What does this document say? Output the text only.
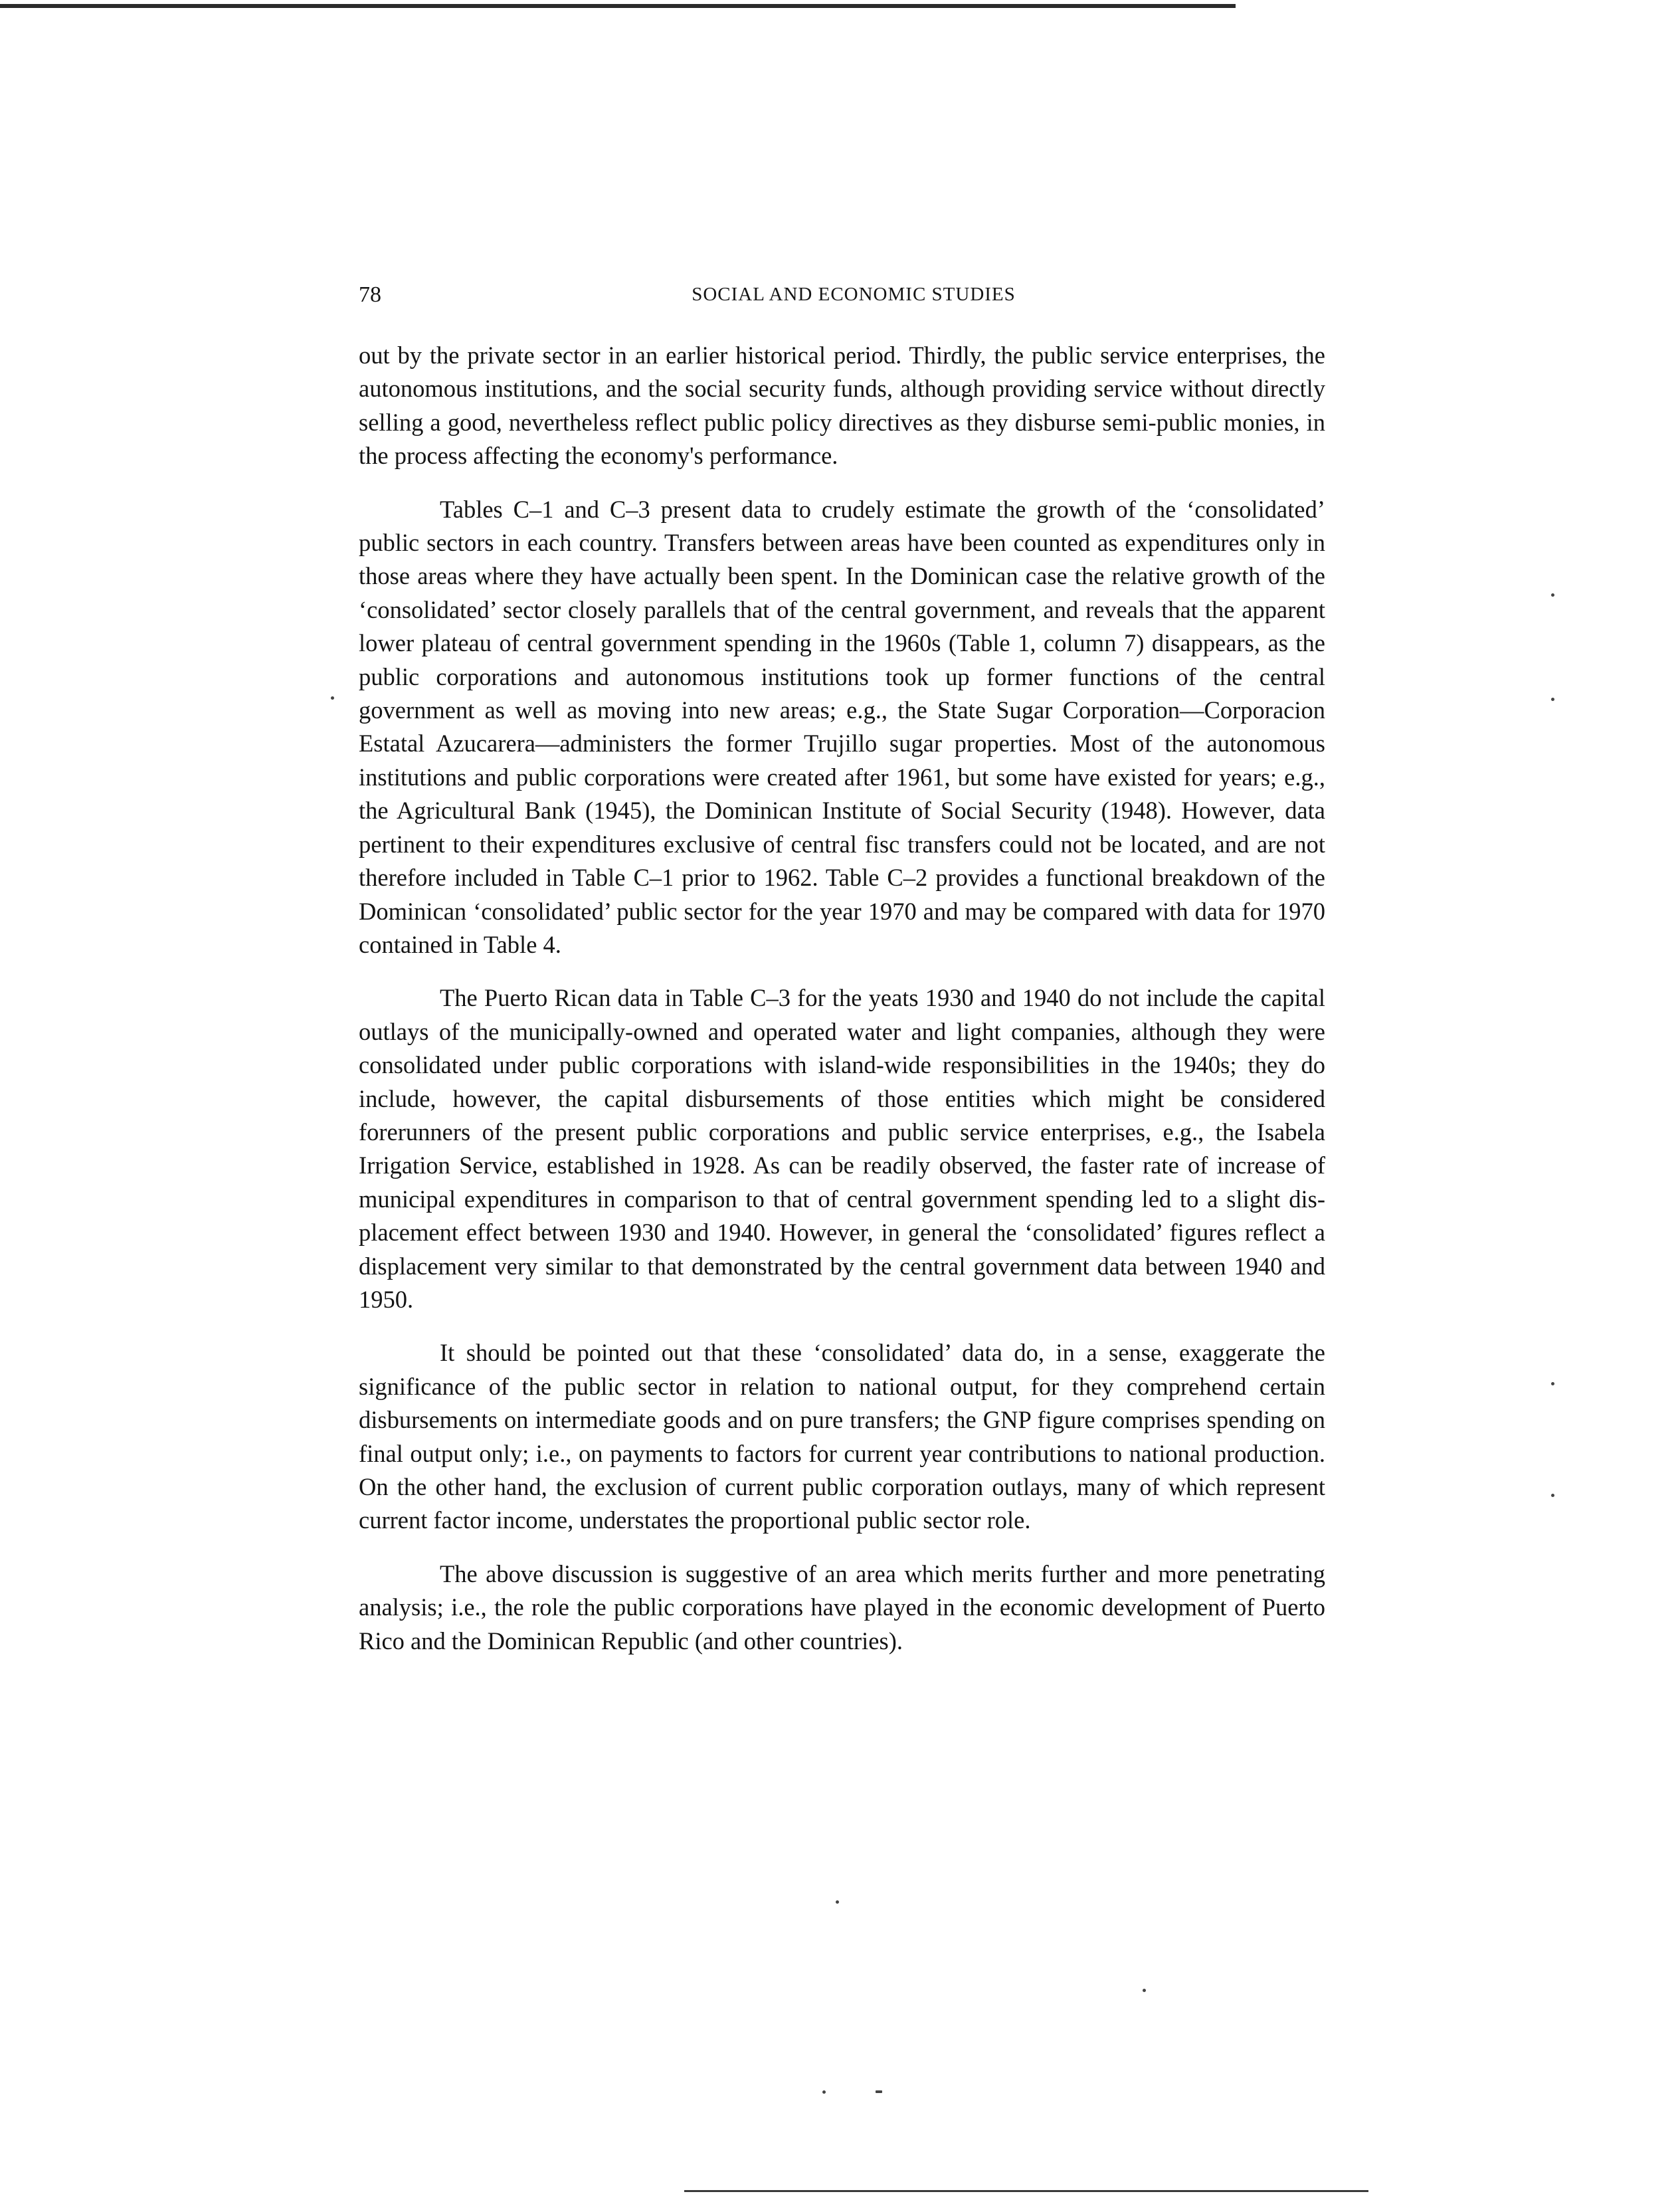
78	SOCIAL AND ECONOMIC STUDIES

out by the private sector in an earlier historical period. Thirdly, the public service enterprises, the autonomous institutions, and the social security funds, although providing service without directly selling a good, nevertheless reflect public policy directives as they disburse semi-public monies, in the process affecting the economy's performance.

Tables C–1 and C–3 present data to crudely estimate the growth of the ‘consolidated’ public sectors in each country. Transfers between areas have been counted as expenditures only in those areas where they have actually been spent. In the Dominican case the relative growth of the ‘consolidated’ sector closely parallels that of the central government, and reveals that the apparent lower plateau of central government spending in the 1960s (Table 1, column 7) disappears, as the public corporations and autonomous institutions took up former functions of the central government as well as moving into new areas; e.g., the State Sugar Corporation—Corporacion Estatal Azucarera—administers the former Trujillo sugar properties. Most of the autonomous institutions and public corporations were created after 1961, but some have existed for years; e.g., the Agricultural Bank (1945), the Dominican Institute of Social Security (1948). However, data pertinent to their expenditures exclusive of central fisc transfers could not be located, and are not therefore included in Table C–1 prior to 1962. Table C–2 provides a functional breakdown of the Dominican ‘consolidated’ public sector for the year 1970 and may be compared with data for 1970 contained in Table 4.

The Puerto Rican data in Table C–3 for the yeats 1930 and 1940 do not include the capital outlays of the municipally-owned and operated water and light companies, although they were consolidated under public corporations with island-wide responsibilities in the 1940s; they do include, however, the capital disbursements of those entities which might be considered forerunners of the present public corporations and public service enterprises, e.g., the Isabela Irrigation Service, established in 1928. As can be readily observed, the faster rate of increase of municipal expenditures in comparison to that of central government spending led to a slight displacement effect between 1930 and 1940. However, in general the ‘consolidated’ figures reflect a displacement very similar to that demonstrated by the central government data between 1940 and 1950.

It should be pointed out that these ‘consolidated’ data do, in a sense, exaggerate the significance of the public sector in relation to national output, for they comprehend certain disbursements on intermediate goods and on pure transfers; the GNP figure comprises spending on final output only; i.e., on payments to factors for current year contributions to national production. On the other hand, the exclusion of current public corporation outlays, many of which represent current factor income, understates the proportional public sector role.

The above discussion is suggestive of an area which merits further and more penetrating analysis; i.e., the role the public corporations have played in the economic development of Puerto Rico and the Dominican Republic (and other countries).
